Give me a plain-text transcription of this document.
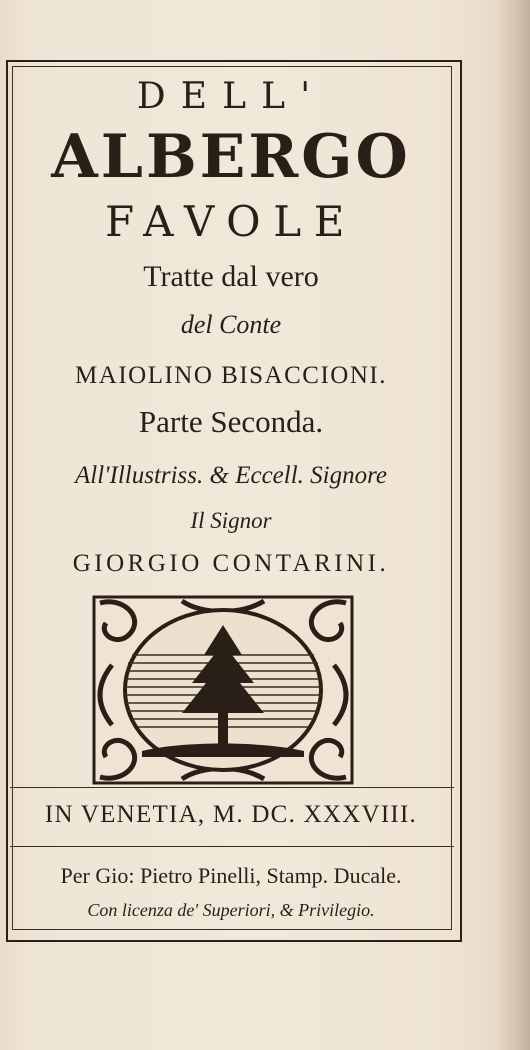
DELL'
ALBERGO
FAVOLE
Tratte dal vero
del Conte
MAIOLINO BISACCIONI.
Parte Seconda.
All'Illustriss. & Eccell. Signore
Il Signor
GIORGIO CONTARINI.
IN VENETIA, M. DC. XXXVIII.
Per Gio: Pietro Pinelli, Stamp. Ducale.
Con licenza de' Superiori, & Privilegio.
